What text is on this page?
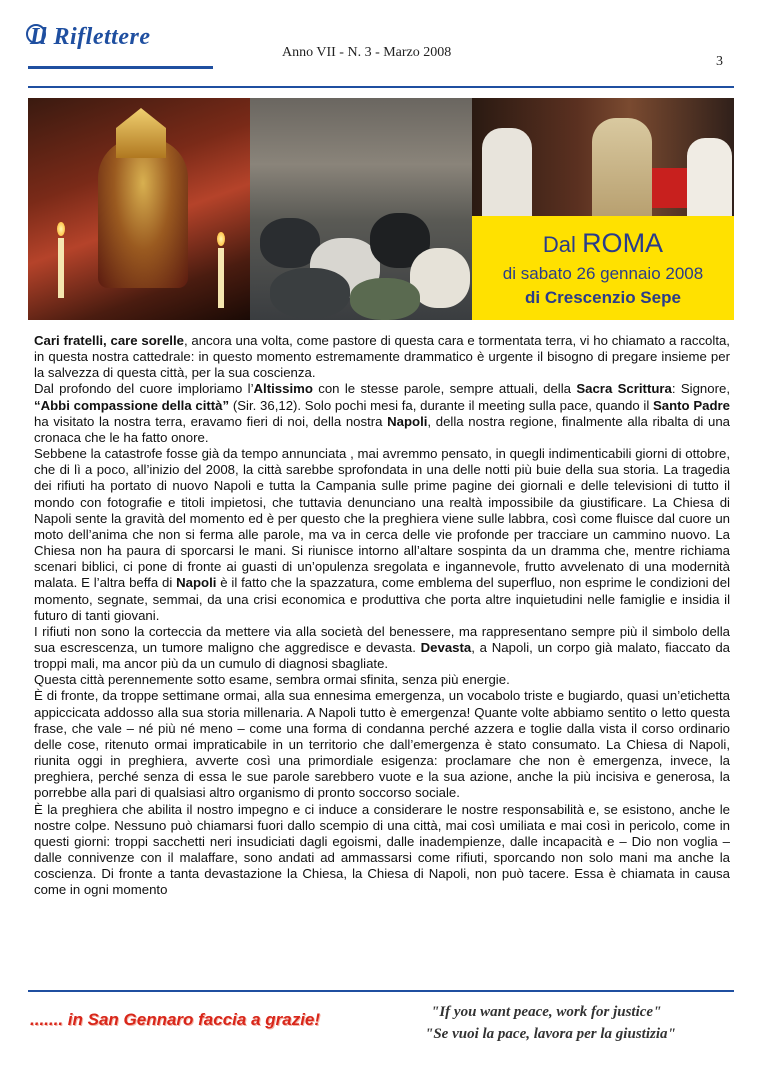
Il Riflettere
Anno VII - N. 3 - Marzo 2008
3
Dal ROMA
di sabato 26 gennaio 2008
di Crescenzio Sepe

Cari fratelli, care sorelle, ancora una volta, come pastore di questa cara e tormentata terra, vi ho chiamato a raccolta, in questa nostra cattedrale: in questo momento estremamente drammatico è urgente il bisogno di pregare insieme per la salvezza di questa città, per la sua coscienza.

Dal profondo del cuore imploriamo l’Altissimo con le stesse parole, sempre attuali, della Sacra Scrittura: Signore, “Abbi compassione della città” (Sir. 36,12). Solo pochi mesi fa, durante il meeting sulla pace, quando il Santo Padre ha visitato la nostra terra, eravamo fieri di noi, della nostra Napoli, della nostra regione, finalmente alla ribalta di una cronaca che le ha fatto onore.

Sebbene la catastrofe fosse già da tempo annunciata , mai avremmo pensato, in quegli indimenticabili giorni di ottobre, che di lì a poco, all’inizio del 2008, la città sarebbe sprofondata in una delle notti più buie della sua storia. La tragedia dei rifiuti ha portato di nuovo Napoli e tutta la Campania sulle prime pagine dei giornali e delle televisioni di tutto il mondo con fotografie e titoli impietosi, che tuttavia denunciano una realtà impossibile da giustificare. La Chiesa di Napoli sente la gravità del momento ed è per questo che la preghiera viene sulle labbra, così come fluisce dal cuore un moto dell’anima che non si ferma alle parole, ma va in cerca delle vie profonde per tracciare un cammino nuovo. La Chiesa non ha paura di sporcarsi le mani. Si riunisce intorno all’altare sospinta da un dramma che, mentre richiama scenari biblici, ci pone di fronte ai guasti di un’opulenza sregolata e ingannevole, frutto avvelenato di una modernità malata. E l’altra beffa di Napoli è il fatto che la spazzatura, come emblema del superfluo, non esprime le condizioni del momento, segnate, semmai, da una crisi economica e produttiva che porta altre inquietudini nelle famiglie e insidia il futuro di tanti giovani.

I rifiuti non sono la corteccia da mettere via alla società del benessere, ma rappresentano sempre più il simbolo della sua escrescenza, un tumore maligno che aggredisce e devasta. Devasta, a Napoli, un corpo già malato, fiaccato da troppi mali, ma ancor più da un cumulo di diagnosi sbagliate.

Questa città perennemente sotto esame, sembra ormai sfinita, senza più energie.

È di fronte, da troppe settimane ormai, alla sua ennesima emergenza, un vocabolo triste e bugiardo, quasi un’etichetta appiccicata addosso alla sua storia millenaria. A Napoli tutto è emergenza! Quante volte abbiamo sentito o letto questa frase, che vale – né più né meno – come una forma di condanna perché azzera e toglie dalla vista il corso ordinario delle cose, ritenuto ormai impraticabile in un territorio che dall’emergenza è stato consumato. La Chiesa di Napoli, riunita oggi in preghiera, avverte così una primordiale esigenza: proclamare che non è emergenza, invece, la preghiera, perché senza di essa le sue parole sarebbero vuote e la sua azione, anche la più incisiva e generosa, la porrebbe alla pari di qualsiasi altro organismo di pronto soccorso sociale.

È la preghiera che abilita il nostro impegno e ci induce a considerare le nostre responsabilità e, se esistono, anche le nostre colpe. Nessuno può chiamarsi fuori dallo scempio di una città, mai così umiliata e mai così in pericolo, come in questi giorni: troppi sacchetti neri insudiciati dagli egoismi, dalle inadempienze, dalle incapacità e – Dio non voglia – dalle connivenze con il malaffare, sono andati ad ammassarsi come rifiuti, sporcando non solo mani ma anche la coscienza. Di fronte a tanta devastazione la Chiesa, la Chiesa di Napoli, non può tacere. Essa è chiamata in causa come in ogni momento

....... in San Gennaro faccia a grazie!	"If you want peace, work for justice"
"Se vuoi la pace, lavora per la giustizia"
